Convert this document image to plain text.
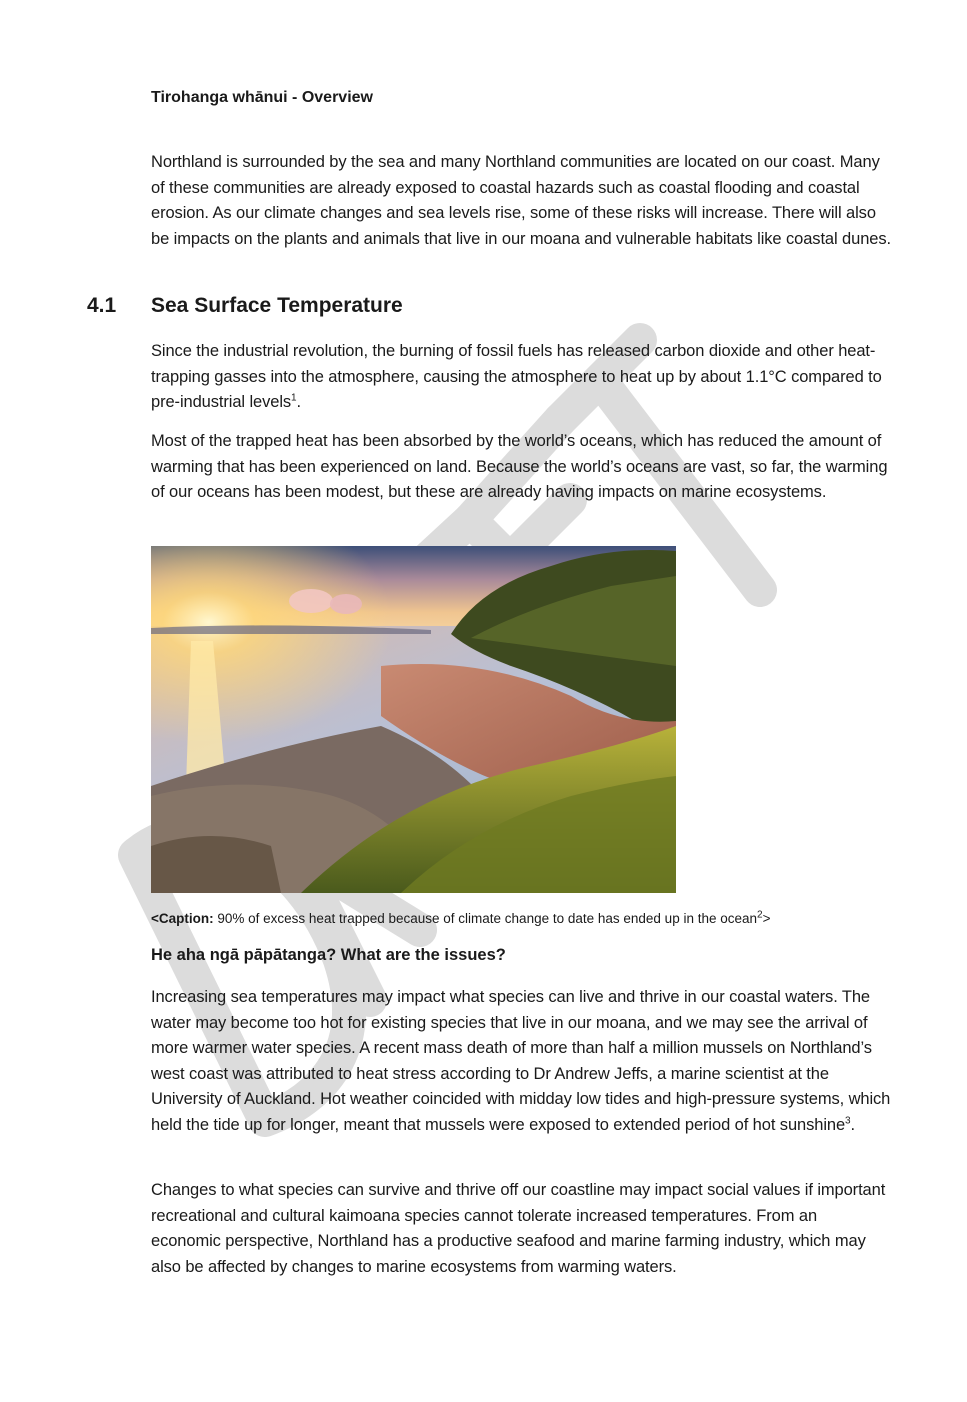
Tirohanga whānui - Overview

Northland is surrounded by the sea and many Northland communities are located on our coast. Many of these communities are already exposed to coastal hazards such as coastal flooding and coastal erosion. As our climate changes and sea levels rise, some of these risks will increase. There will also be impacts on the plants and animals that live in our moana and vulnerable habitats like coastal dunes.

4.1 Sea Surface Temperature

Since the industrial revolution, the burning of fossil fuels has released carbon dioxide and other heat-trapping gasses into the atmosphere, causing the atmosphere to heat up by about 1.1°C compared to pre-industrial levels$^1$.

Most of the trapped heat has been absorbed by the world’s oceans, which has reduced the amount of warming that has been experienced on land. Because the world’s oceans are vast, so far, the warming of our oceans has been modest, but these are already having impacts on marine ecosystems.

<Caption: 90% of excess heat trapped because of climate change to date has ended up in the ocean$^2$>
He aha ngā pāpātanga? What are the issues?

Increasing sea temperatures may impact what species can live and thrive in our coastal waters. The water may become too hot for existing species that live in our moana, and we may see the arrival of more warmer water species. A recent mass death of more than half a million mussels on Northland’s west coast was attributed to heat stress according to Dr Andrew Jeffs, a marine scientist at the University of Auckland. Hot weather coincided with midday low tides and high-pressure systems, which held the tide up for longer, meant that mussels were exposed to extended period of hot sunshine$^3$.

Changes to what species can survive and thrive off our coastline may impact social values if important recreational and cultural kaimoana species cannot tolerate increased temperatures. From an economic perspective, Northland has a productive seafood and marine farming industry, which may also be affected by changes to marine ecosystems from warming waters.
